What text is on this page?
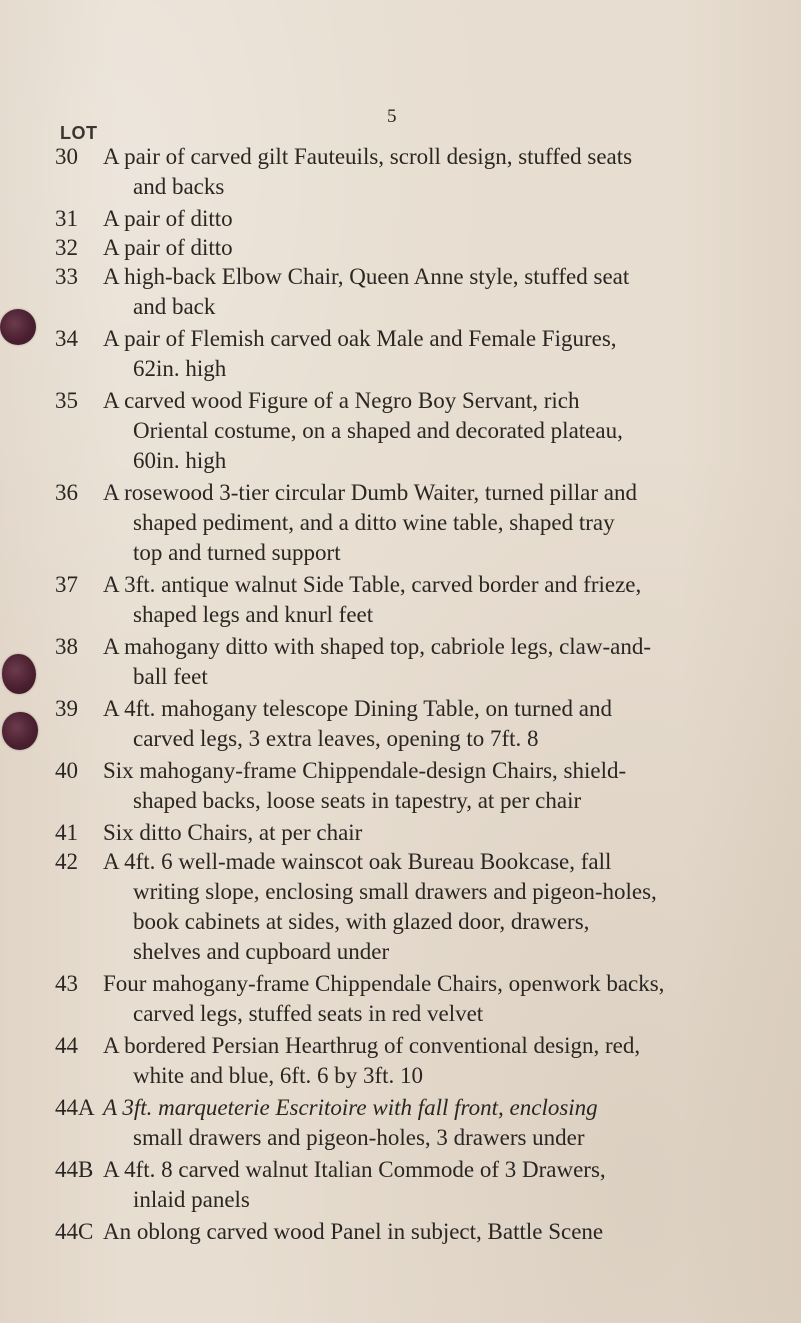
5
LOT
30	A pair of carved gilt Fauteuils, scroll design, stuffed seats
and backs
31	A pair of ditto
32	A pair of ditto
33	A high-back Elbow Chair, Queen Anne style, stuffed seat
and back
34	A pair of Flemish carved oak Male and Female Figures,
62in. high
35	A carved wood Figure of a Negro Boy Servant, rich
Oriental costume, on a shaped and decorated plateau,
60in. high
36	A rosewood 3-tier circular Dumb Waiter, turned pillar and
shaped pediment, and a ditto wine table, shaped tray
top and turned support
37	A 3ft. antique walnut Side Table, carved border and frieze,
shaped legs and knurl feet
38	A mahogany ditto with shaped top, cabriole legs, claw-and-
ball feet
39	A 4ft. mahogany telescope Dining Table, on turned and
carved legs, 3 extra leaves, opening to 7ft. 8
40	Six mahogany-frame Chippendale-design Chairs, shield-
shaped backs, loose seats in tapestry, at per chair
41	Six ditto Chairs, at per chair
42	A 4ft. 6 well-made wainscot oak Bureau Bookcase, fall
writing slope, enclosing small drawers and pigeon-holes,
book cabinets at sides, with glazed door, drawers,
shelves and cupboard under
43	Four mahogany-frame Chippendale Chairs, openwork backs,
carved legs, stuffed seats in red velvet
44	A bordered Persian Hearthrug of conventional design, red,
white and blue, 6ft. 6 by 3ft. 10
44A A 3ft. marqueterie Escritoire with fall front, enclosing
small drawers and pigeon-holes, 3 drawers under
44B A 4ft. 8 carved walnut Italian Commode of 3 Drawers,
inlaid panels
44C An oblong carved wood Panel in subject, Battle Scene
